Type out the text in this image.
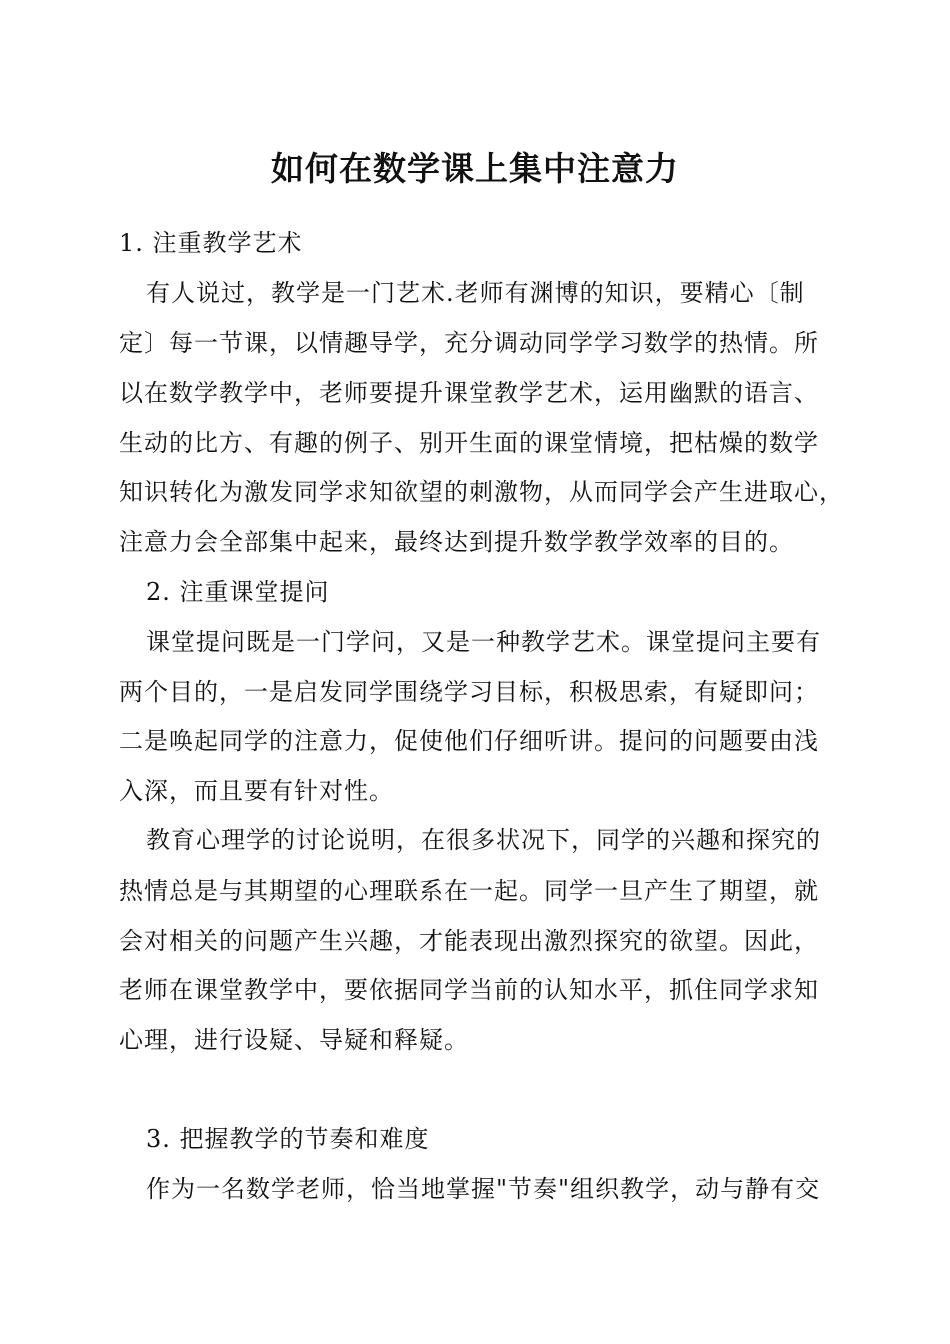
如何在数学课上集中注意力

1. 注重教学艺术

有人说过，教学是一门艺术.老师有渊博的知识，要精心〔制

定〕每一节课，以情趣导学，充分调动同学学习数学的热情。所

以在数学教学中，老师要提升课堂教学艺术，运用幽默的语言、

生动的比方、有趣的例子、别开生面的课堂情境，把枯燥的数学

知识转化为激发同学求知欲望的刺激物，从而同学会产生进取心，

注意力会全部集中起来，最终达到提升数学教学效率的目的。

2. 注重课堂提问

课堂提问既是一门学问，又是一种教学艺术。课堂提问主要有

两个目的，一是启发同学围绕学习目标，积极思索，有疑即问；

二是唤起同学的注意力，促使他们仔细听讲。提问的问题要由浅

入深，而且要有针对性。

教育心理学的讨论说明，在很多状况下，同学的兴趣和探究的

热情总是与其期望的心理联系在一起。同学一旦产生了期望，就

会对相关的问题产生兴趣，才能表现出激烈探究的欲望。因此，

老师在课堂教学中，要依据同学当前的认知水平，抓住同学求知

心理，进行设疑、导疑和释疑。

3. 把握教学的节奏和难度

作为一名数学老师，恰当地掌握"节奏"组织教学，动与静有交
